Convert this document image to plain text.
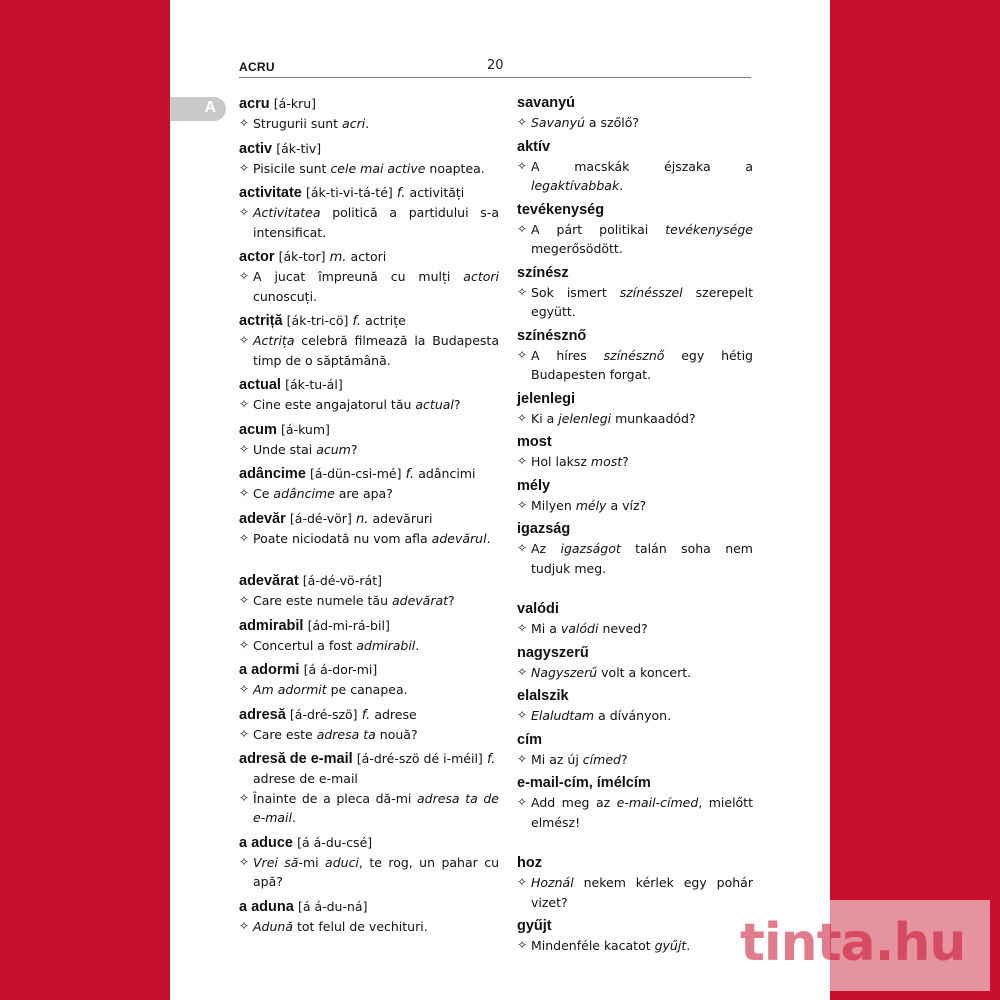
A
ACRU	20
acru [á-kru]
✧ Strugurii sunt acri.
activ [ák-tiv]
✧ Pisicile sunt cele mai active noaptea.
activitate [ák-ti-vi-tá-té] f. activități
✧ Activitatea politică a partidului s-a intensificat.
actor [ák-tor] m. actori
✧ A jucat împreună cu mulți actori cunoscuți.
actriță [ák-tri-cö] f. actrițe
✧ Actrița celebră filmează la Budapesta timp de o săptămână.
actual [ák-tu-ál]
✧ Cine este angajatorul tău actual?
acum [á-kum]
✧ Unde stai acum?
adâncime [á-dün-csi-mé] f. adâncimi
✧ Ce adâncime are apa?
adevăr [á-dé-vör] n. adevăruri
✧ Poate niciodată nu vom afla adevărul.
adevărat [á-dé-vö-rát]
✧ Care este numele tău adevărat?
admirabil [ád-mi-rá-bil]
✧ Concertul a fost admirabil.
a adormi [á á-dor-mi]
✧ Am adormit pe canapea.
adresă [á-dré-szö] f. adrese
✧ Care este adresa ta nouă?
adresă de e-mail [á-dré-szö dé i-méil] f.
adrese de e-mail
✧ Înainte de a pleca dă-mi adresa ta de e-mail.
a aduce [á á-du-csé]
✧ Vrei să-mi aduci, te rog, un pahar cu apă?
a aduna [á á-du-ná]
✧ Adună tot felul de vechituri.
savanyú
✧ Savanyú a szőlő?
aktív
✧ A macskák éjszaka a legaktívabbak.
tevékenység
✧ A párt politikai tevékenysége megerősödött.
színész
✧ Sok ismert színésszel szerepelt együtt.
színésznő
✧ A híres színésznő egy hétig Budapesten forgat.
jelenlegi
✧ Ki a jelenlegi munkaadód?
most
✧ Hol laksz most?
mély
✧ Milyen mély a víz?
igazság
✧ Az igazságot talán soha nem tudjuk meg.
valódi
✧ Mi a valódi neved?
nagyszerű
✧ Nagyszerű volt a koncert.
elalszik
✧ Elaludtam a díványon.
cím
✧ Mi az új címed?
e-mail-cím, ímélcím
✧ Add meg az e-mail-címed, mielőtt elmész!
hoz
✧ Hoznál nekem kérlek egy pohár vizet?
gyűjt
✧ Mindenféle kacatot gyűjt. tinta.hu
